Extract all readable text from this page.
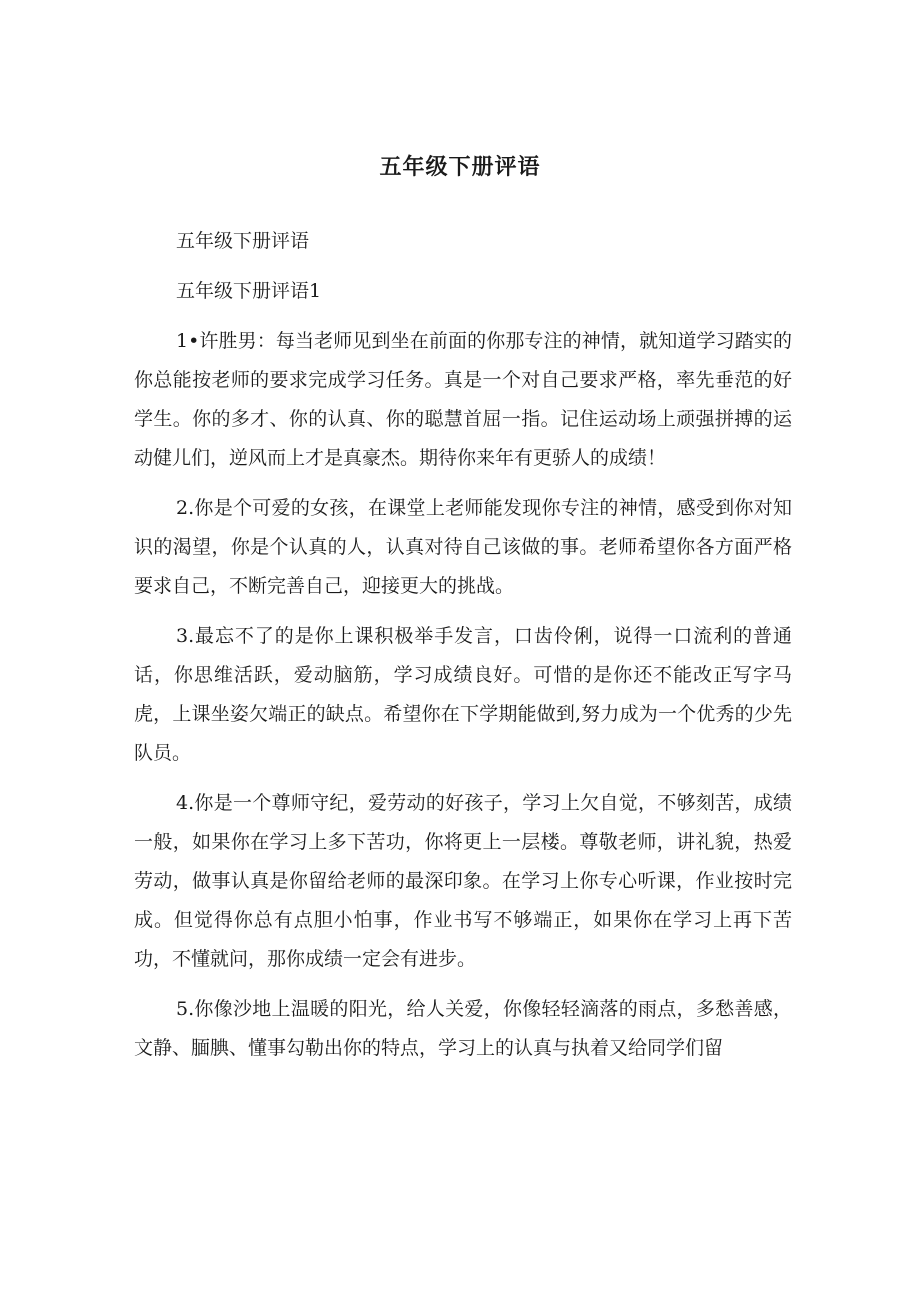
五年级下册评语

五年级下册评语

五年级下册评语1

1•许胜男：每当老师见到坐在前面的你那专注的神情，就知道学习踏实的你总能按老师的要求完成学习任务。真是一个对自己要求严格，率先垂范的好学生。你的多才、你的认真、你的聪慧首屈一指。记住运动场上顽强拼搏的运动健儿们，逆风而上才是真豪杰。期待你来年有更骄人的成绩！

2.你是个可爱的女孩，在课堂上老师能发现你专注的神情，感受到你对知识的渴望，你是个认真的人，认真对待自己该做的事。老师希望你各方面严格要求自己，不断完善自己，迎接更大的挑战。

3.最忘不了的是你上课积极举手发言，口齿伶俐，说得一口流利的普通话，你思维活跃，爱动脑筋，学习成绩良好。可惜的是你还不能改正写字马虎，上课坐姿欠端正的缺点。希望你在下学期能做到,努力成为一个优秀的少先队员。

4.你是一个尊师守纪，爱劳动的好孩子，学习上欠自觉，不够刻苦，成绩一般，如果你在学习上多下苦功，你将更上一层楼。尊敬老师，讲礼貌，热爱劳动，做事认真是你留给老师的最深印象。在学习上你专心听课，作业按时完成。但觉得你总有点胆小怕事，作业书写不够端正，如果你在学习上再下苦功，不懂就问，那你成绩一定会有进步。

5.你像沙地上温暖的阳光，给人关爱，你像轻轻滴落的雨点，多愁善感，文静、腼腆、懂事勾勒出你的特点，学习上的认真与执着又给同学们留
